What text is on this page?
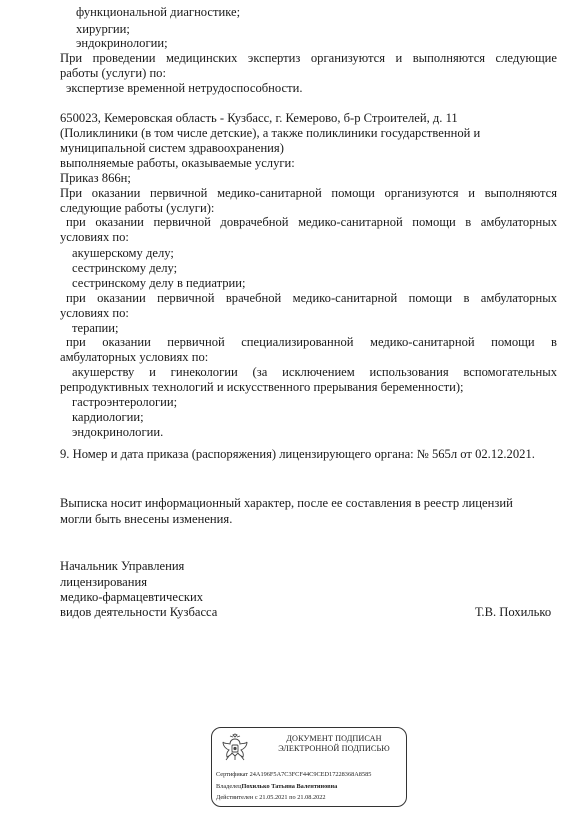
функциональной диагностике;
хирургии;
эндокринологии;
При проведении медицинских экспертиз организуются и выполняются следующие
работы (услуги) по:
экспертизе временной нетрудоспособности.
650023, Кемеровская область - Кузбасс, г. Кемерово, б-р Строителей, д. 11
(Поликлиники (в том числе детские), а также поликлиники государственной и
муниципальной систем здравоохранения)
выполняемые работы, оказываемые услуги:
Приказ 866н;
При оказании первичной медико-санитарной помощи организуются и выполняются
следующие работы (услуги):
при оказании первичной доврачебной медико-санитарной помощи в амбулаторных
условиях по:
акушерскому делу;
сестринскому делу;
сестринскому делу в педиатрии;
при оказании первичной врачебной медико-санитарной помощи в амбулаторных
условиях по:
терапии;
при оказании первичной специализированной медико-санитарной помощи в
амбулаторных условиях по:
акушерству и гинекологии (за исключением использования вспомогательных
репродуктивных технологий и искусственного прерывания беременности);
гастроэнтерологии;
кардиологии;
эндокринологии.
9. Номер и дата приказа (распоряжения) лицензирующего органа: № 565л от 02.12.2021.
Выписка носит информационный характер, после ее составления в реестр лицензий
могли быть внесены изменения.
Начальник Управления
лицензирования
медико-фармацевтических
видов деятельности Кузбасса	Т.В. Похилько
ДОКУМЕНТ ПОДПИСАН
ЭЛЕКТРОННОЙ ПОДПИСЬЮ
Сертификат 24A196F5A7C3FCF44C9CED17228368A8585
ВладелецПохилько Татьяна Валентиновна
Действителен с 21.05.2021 по 21.08.2022
